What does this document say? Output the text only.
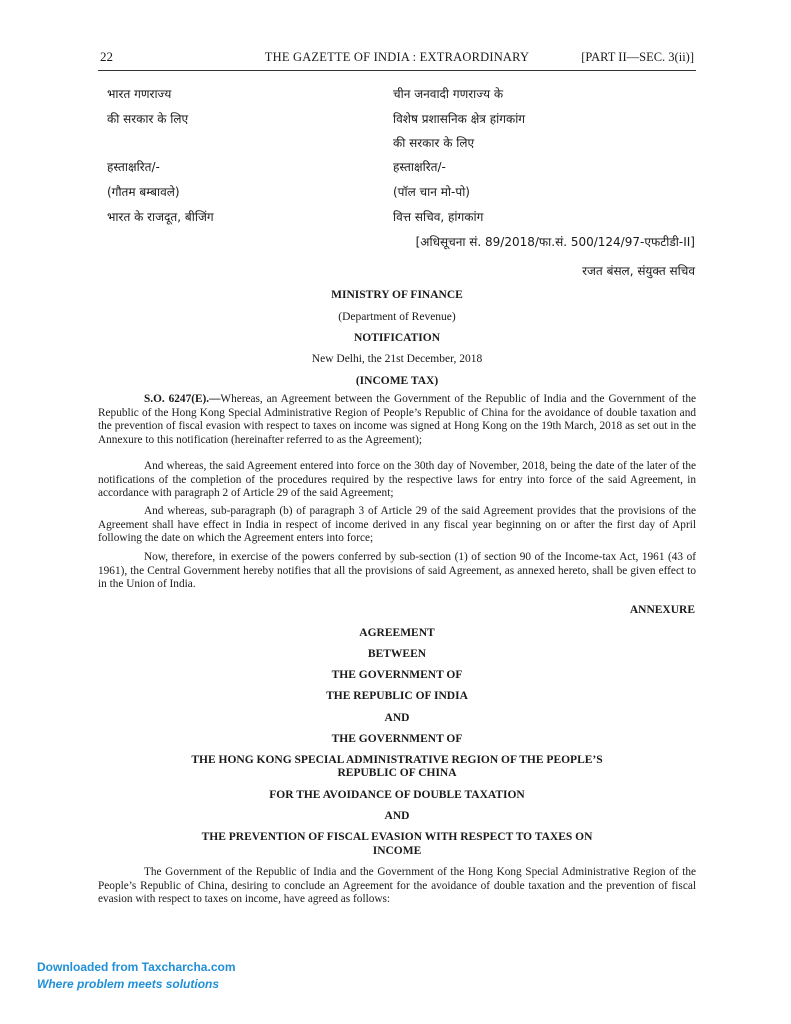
22	THE GAZETTE OF INDIA : EXTRAORDINARY	[PART II—SEC. 3(ii)]
भारत गणराज्य
की सरकार के लिए
हस्ताक्षरित/-
(गौतम बम्बावले)
भारत के राजदूत, बीजिंग
चीन जनवादी गणराज्य के
विशेष प्रशासनिक क्षेत्र हांगकांग
की सरकार के लिए
हस्ताक्षरित/-
(पॉल चान मो-पो)
वित्त सचिव, हांगकांग
[अधिसूचना सं. 89/2018/फा.सं. 500/124/97-एफटीडी-II]
रजत बंसल, संयुक्त सचिव
MINISTRY OF FINANCE
(Department of Revenue)
NOTIFICATION
New Delhi, the 21st December, 2018
(INCOME TAX)
S.O. 6247(E).—Whereas, an Agreement between the Government of the Republic of India and the Government of the Republic of the Hong Kong Special Administrative Region of People’s Republic of China for the avoidance of double taxation and the prevention of fiscal evasion with respect to taxes on income was signed at Hong Kong on the 19th March, 2018 as set out in the Annexure to this notification (hereinafter referred to as the Agreement);
And whereas, the said Agreement entered into force on the 30th day of November, 2018, being the date of the later of the notifications of the completion of the procedures required by the respective laws for entry into force of the said Agreement, in accordance with paragraph 2 of Article 29 of the said Agreement;
And whereas, sub-paragraph (b) of paragraph 3 of Article 29 of the said Agreement provides that the provisions of the Agreement shall have effect in India in respect of income derived in any fiscal year beginning on or after the first day of April following the date on which the Agreement enters into force;
Now, therefore, in exercise of the powers conferred by sub-section (1) of section 90 of the Income-tax Act, 1961 (43 of 1961), the Central Government hereby notifies that all the provisions of said Agreement, as annexed hereto, shall be given effect to in the Union of India.
ANNEXURE
AGREEMENT
BETWEEN
THE GOVERNMENT OF
THE REPUBLIC OF INDIA
AND
THE GOVERNMENT OF
THE HONG KONG SPECIAL ADMINISTRATIVE REGION OF THE PEOPLE’S
REPUBLIC OF CHINA
FOR THE AVOIDANCE OF DOUBLE TAXATION
AND
THE PREVENTION OF FISCAL EVASION WITH RESPECT TO TAXES ON
INCOME
The Government of the Republic of India and the Government of the Hong Kong Special Administrative Region of the People’s Republic of China, desiring to conclude an Agreement for the avoidance of double taxation and the prevention of fiscal evasion with respect to taxes on income, have agreed as follows:
Downloaded from Taxcharcha.com
Where problem meets solutions
